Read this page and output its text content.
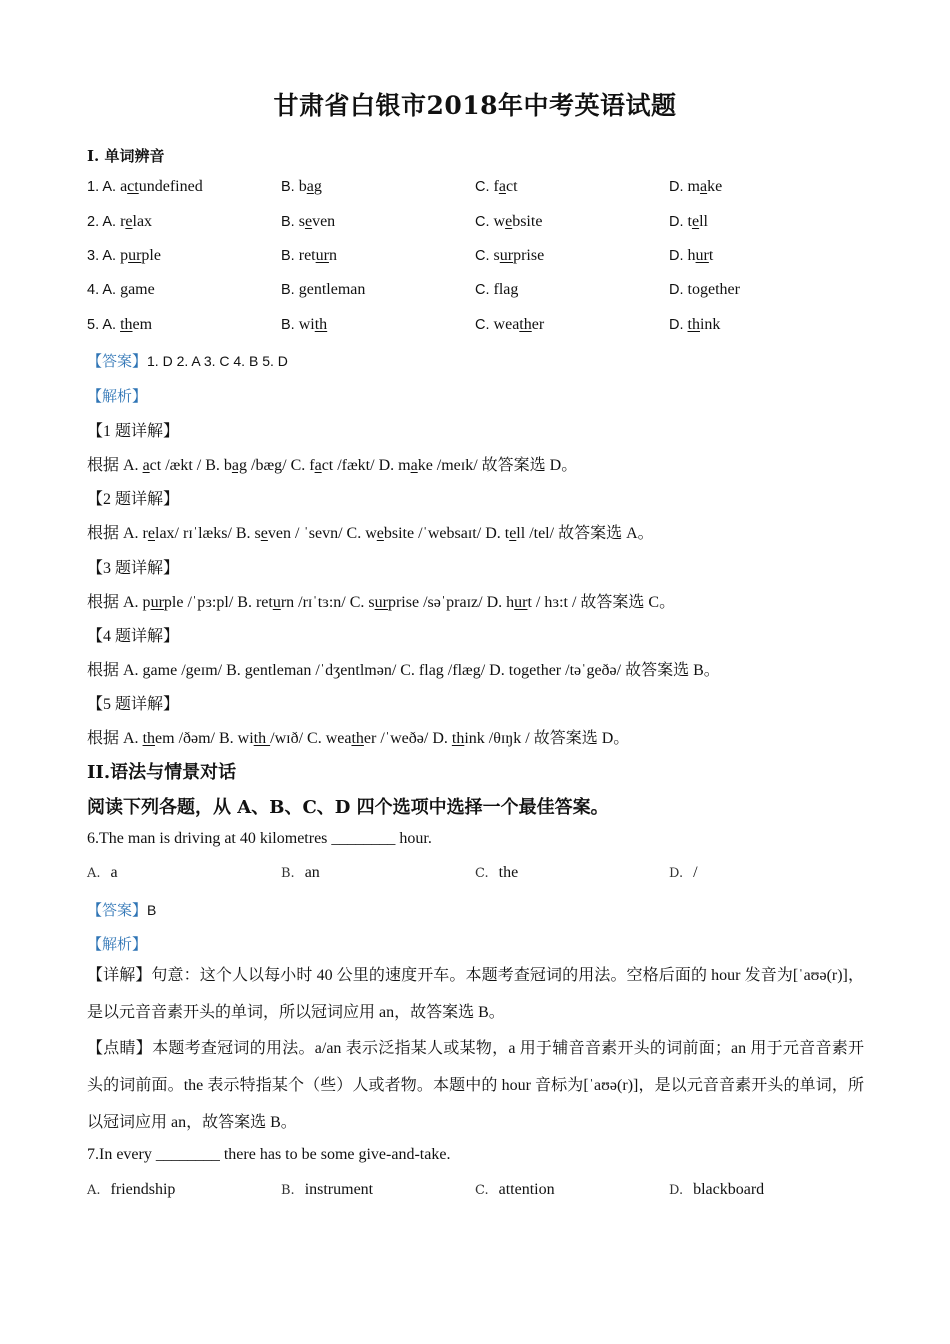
甘肃省白银市2018年中考英语试题
I. 单词辨音
1. A. actundefined	B. bag	C. fact	D. make
2. A. relax	B. seven	C. website	D. tell
3. A. purple	B. return	C. surprise	D. hurt
4. A. game	B. gentleman	C. flag	D. together
5. A. them	B. with	C. weather	D. think
【答案】1. D 2. A 3. C 4. B 5. D
【解析】
【1 题详解】
根据 A. act /ækt / B. bag /bæg/ C. fact /fækt/ D. make /meɪk/ 故答案选 D。
【2 题详解】
根据 A. relax/ rɪˈlæks/ B. seven / ˈsevn/ C. website /ˈwebsaɪt/ D. tell /tel/ 故答案选 A。
【3 题详解】
根据 A. purple /ˈpɜ:pl/ B. return /rɪˈtɜ:n/ C. surprise /səˈpraɪz/ D. hurt / hɜ:t / 故答案选 C。
【4 题详解】
根据 A. game /geɪm/ B. gentleman /ˈdʒentlmən/ C. flag /flæg/ D. together /təˈgeðə/ 故答案选 B。
【5 题详解】
根据 A. them /ðəm/ B. with /wɪð/ C. weather /ˈweðə/ D. think /θɪŋk / 故答案选 D。
II.语法与情景对话
阅读下列各题，从 A、B、C、D 四个选项中选择一个最佳答案。
6.The man is driving at 40 kilometres ________ hour.
A. a	B. an	C. the	D. /
【答案】B
【解析】
【详解】句意：这个人以每小时 40 公里的速度开车。本题考查冠词的用法。空格后面的 hour 发音为[ˈaʊə(r)]，是以元音音素开头的单词，所以冠词应用 an，故答案选 B。
【点睛】本题考查冠词的用法。a/an 表示泛指某人或某物，a 用于辅音音素开头的词前面；an 用于元音音素开头的词前面。the 表示特指某个（些）人或者物。本题中的 hour 音标为[ˈaʊə(r)]，是以元音音素开头的单词，所以冠词应用 an，故答案选 B。
7.In every ________ there has to be some give-and-take.
A. friendship	B. instrument	C. attention	D. blackboard
